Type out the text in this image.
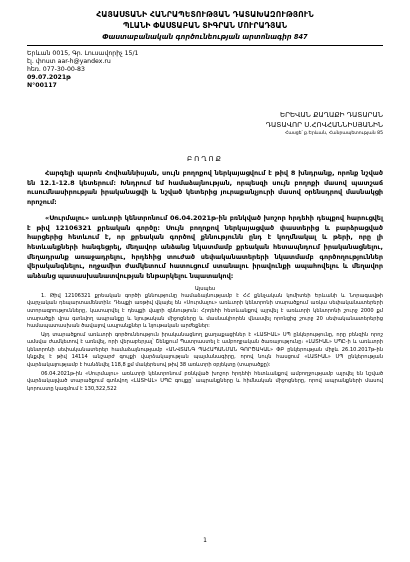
ՀԱՅԱՍՏԱՆԻ ՀԱՆՐԱՊԵՏՈՒԹՅԱՆ ԴԱՏԱԽԱԶՈՒԹՅՈՒՆ
ՊԼԱՆԻ ՓԱՍՏԱԲԱՆ ՏԻԳՐԱՆ ՄՈՒՐԱԴՅԱՆ
Փաստաբանական գործունեության արտոնագիր 847
Երևան 0015, Գր. Լուսավորիչ 15/1
էլ. փոստ aar-h@yandex.ru
հեռ. 077-30-00-83
09.07.2021թ
N°00117
ԵՐԵՎԱՆ ՔԱՂԱՔԻ ԴԱՏԱՐԱՆ
ԴԱՏԱՎՈՐ Ս.ՀՈՎՀԱՆՆԻՍՅԱՆԻՆ
Հասցե՝ ք.Երևան, Հանրապետության 85
ԲՈՂՈՔ

Հարգելի պարոն Հովհաննիսյան, սույն բողոքով ներկայացվում է թիվ 8 խնդրանք, որոնք նշված են 12.1-12.8 կետերում: Խնդրում եմ համաձայնության, որպեսզի սույն բողոքի մասով պատշաճ ուսումնասիրության իրականացվի և նշված կետերից յուրաքանչյուրի մասով օրենսդրով մասնակցի որոշում:

«Սուրմալու» առևտրի կենտրոնում 06.04.2021թ-ին բռնկված խոշոր հրդեհի դեպքով հարուցվել է թիվ 12106321 քրեական գործը: Սույն բողոքով ներկայացված փաստերից և բարձրացված հարցերից հետևում է, որ քրեական գործով քննությունն ընդ է կողմնակալ և թերի, որը լի հետևանքների հանգեցրել, մեղավոր անձանց նկատմամբ քրեական հետապնդում իրականացնելու, մեղադրանք առաջադրելու, հրդեհից տուժած սեփականատերերի նկատմամբ գործողություններ վերականգնելու, ողջամիտ ժամկետում հատուցում ստանալու իրավունքի ապահովելու և մեղավոր անձանց պատասխանատվության ենթարկելու նպատակով:

Այսպես

1. Թիվ 12106321 քրեական գործի քննությունը համաձայնությամբ է ՀՀ քննչական կոմիտեի Երևանի և Նորագավթի վարչական դեպարտամենտին: Դեպքի առթիվ վկայել են «Սուրմալու» առևտրի կենտրոնի տարածքում առկա սեփականատերերի ստորագրությունները, կատարվել է դեպքի վայրի զննություն: Հրդեհի հետևանքով այրվել է առևտրի կենտրոնի շուրջ 2000 քմ տարածքի վրա գտնվող ապրանքը և նյութական միջոցները և մասնակիորեն վնասվել որոնցից շուրջ 20 սեփականատերերից համապատասխան ծավալով ապրանքներ և նյութական արժեքներ:

Այդ տարածքում առևտրի գործունեություն իրականացնող քաղաքացիներ է «ԼԱՏԻԱԼ» ՍՊ ընկերությունը, որը բենզին որոշ ամսվա ժամկետով է առնվել, որի վերաբերյալ՝ Շենքում Պատրաստել է ամբողջական ծառայությունը։ «ԼԱՏԻԱԼ» ՍՊԸ-ի և առևտրի կենտրոնի սեփականատերեր համաձայնությամբ «ԱՆՎՏԱՆԳ ՊԱՀԱՊԱՆՄԱՆ ԳՈՐԾԱԿԱԼ» ՓԲ ընկերության միջև 26.10.2017թ-ին կնքվել է թիվ 14114 անշարժ գույքի վարձակալության պայմանագիրը, որով նույն հասցում «ԼԱՏԻԱԼ» ՍՊ ընկերության վարձակալությամբ է հանձնվել 118,8 քմ մակերեսով թիվ 38 առևտրի օբյեկտը (տարածքը):

06.04.2021թ-ին «Սուրմալու» առևտրի կենտրոնում բռնկված խոշոր հրդեհի հետևանքով ամբողջությամբ այրվել են նշված վարձակալված տարածքում գտնվող «ԼԱՏԻԱԼ» ՍՊԸ գույքը՝ ապրանքները և հիմնական միջոցները, որով ապրանքների մասով կորուստը կազմում է 130,322,522

1
